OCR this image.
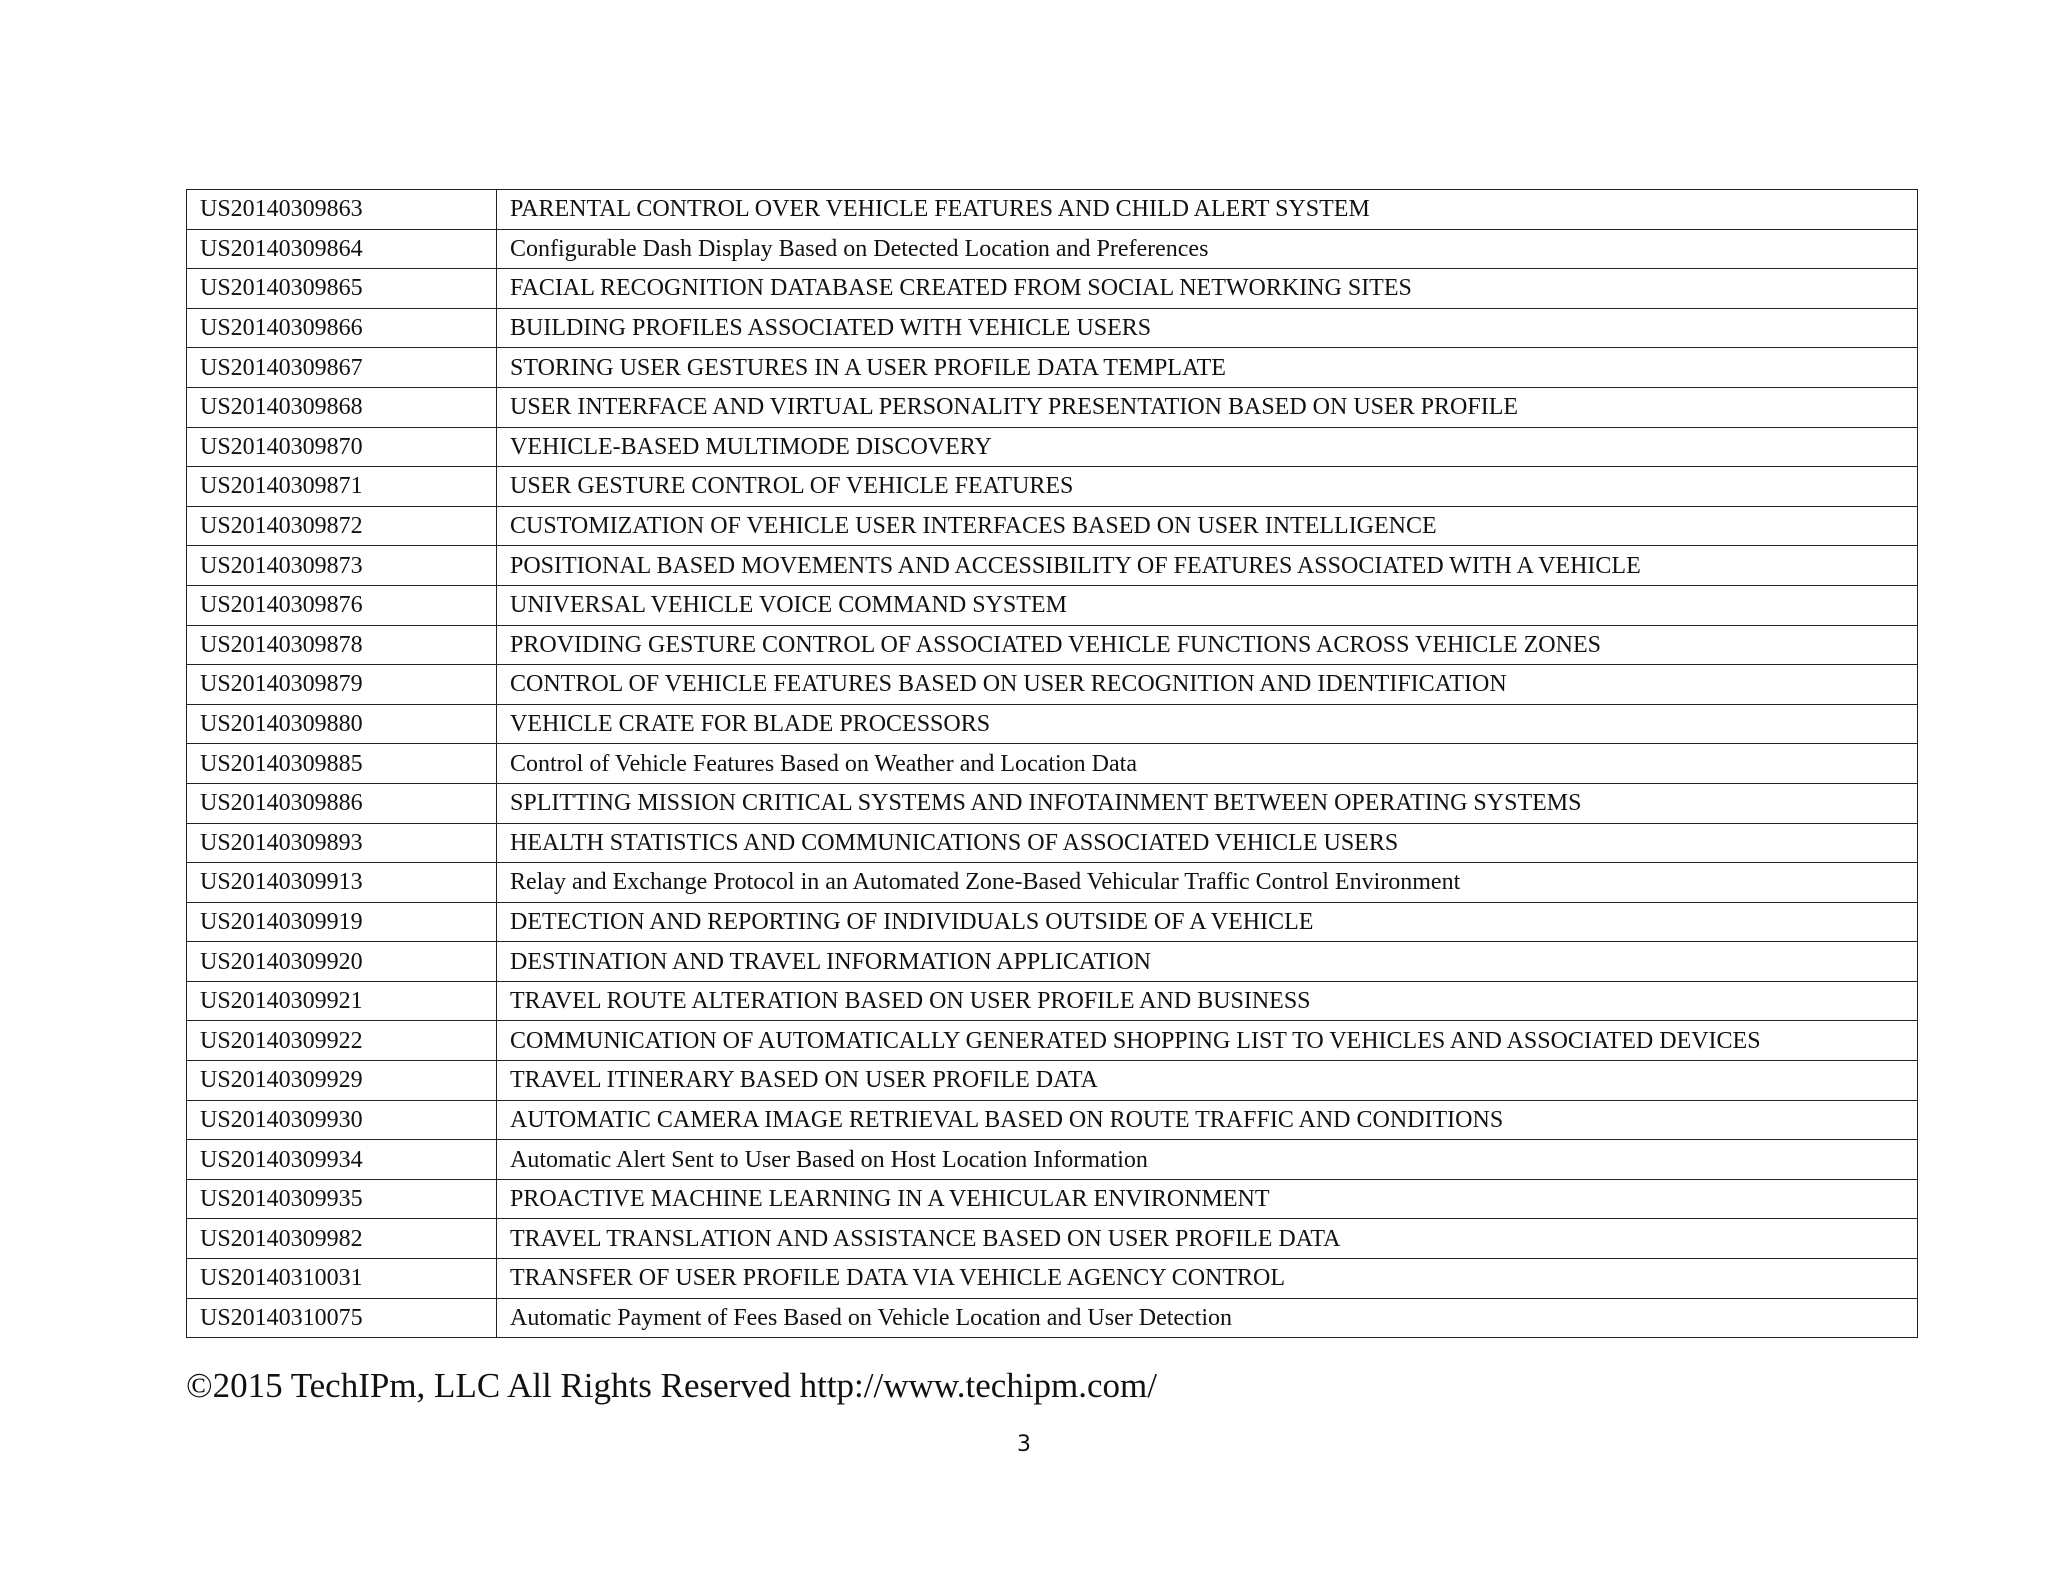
US20140309863	PARENTAL CONTROL OVER VEHICLE FEATURES AND CHILD ALERT SYSTEM
US20140309864	Configurable Dash Display Based on Detected Location and Preferences
US20140309865	FACIAL RECOGNITION DATABASE CREATED FROM SOCIAL NETWORKING SITES
US20140309866	BUILDING PROFILES ASSOCIATED WITH VEHICLE USERS
US20140309867	STORING USER GESTURES IN A USER PROFILE DATA TEMPLATE
US20140309868	USER INTERFACE AND VIRTUAL PERSONALITY PRESENTATION BASED ON USER PROFILE
US20140309870	VEHICLE-BASED MULTIMODE DISCOVERY
US20140309871	USER GESTURE CONTROL OF VEHICLE FEATURES
US20140309872	CUSTOMIZATION OF VEHICLE USER INTERFACES BASED ON USER INTELLIGENCE
US20140309873	POSITIONAL BASED MOVEMENTS AND ACCESSIBILITY OF FEATURES ASSOCIATED WITH A VEHICLE
US20140309876	UNIVERSAL VEHICLE VOICE COMMAND SYSTEM
US20140309878	PROVIDING GESTURE CONTROL OF ASSOCIATED VEHICLE FUNCTIONS ACROSS VEHICLE ZONES
US20140309879	CONTROL OF VEHICLE FEATURES BASED ON USER RECOGNITION AND IDENTIFICATION
US20140309880	VEHICLE CRATE FOR BLADE PROCESSORS
US20140309885	Control of Vehicle Features Based on Weather and Location Data
US20140309886	SPLITTING MISSION CRITICAL SYSTEMS AND INFOTAINMENT BETWEEN OPERATING SYSTEMS
US20140309893	HEALTH STATISTICS AND COMMUNICATIONS OF ASSOCIATED VEHICLE USERS
US20140309913	Relay and Exchange Protocol in an Automated Zone-Based Vehicular Traffic Control Environment
US20140309919	DETECTION AND REPORTING OF INDIVIDUALS OUTSIDE OF A VEHICLE
US20140309920	DESTINATION AND TRAVEL INFORMATION APPLICATION
US20140309921	TRAVEL ROUTE ALTERATION BASED ON USER PROFILE AND BUSINESS
US20140309922	COMMUNICATION OF AUTOMATICALLY GENERATED SHOPPING LIST TO VEHICLES AND ASSOCIATED DEVICES
US20140309929	TRAVEL ITINERARY BASED ON USER PROFILE DATA
US20140309930	AUTOMATIC CAMERA IMAGE RETRIEVAL BASED ON ROUTE TRAFFIC AND CONDITIONS
US20140309934	Automatic Alert Sent to User Based on Host Location Information
US20140309935	PROACTIVE MACHINE LEARNING IN A VEHICULAR ENVIRONMENT
US20140309982	TRAVEL TRANSLATION AND ASSISTANCE BASED ON USER PROFILE DATA
US20140310031	TRANSFER OF USER PROFILE DATA VIA VEHICLE AGENCY CONTROL
US20140310075	Automatic Payment of Fees Based on Vehicle Location and User Detection
©2015 TechIPm, LLC All Rights Reserved http://www.techipm.com/
3
